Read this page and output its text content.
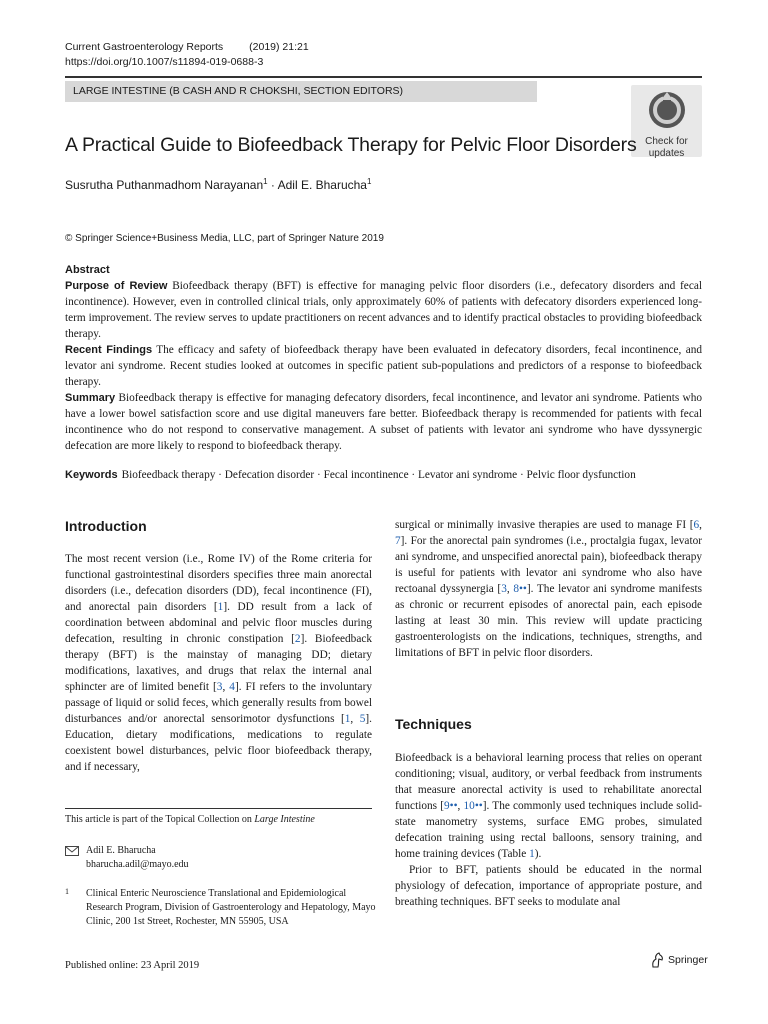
Current Gastroenterology Reports (2019) 21:21
https://doi.org/10.1007/s11894-019-0688-3
LARGE INTESTINE (B CASH AND R CHOKSHI, SECTION EDITORS)
Check for
updates
A Practical Guide to Biofeedback Therapy for Pelvic Floor Disorders
Susrutha Puthanmadhom Narayanan$^1$ · Adil E. Bharucha$^1$
© Springer Science+Business Media, LLC, part of Springer Nature 2019
Abstract

Purpose of Review Biofeedback therapy (BFT) is effective for managing pelvic floor disorders (i.e., defecatory disorders and fecal incontinence). However, even in controlled clinical trials, only approximately 60% of patients with defecatory disorders experienced long-term improvement. The review serves to update practitioners on recent advances and to identify practical obstacles to providing biofeedback therapy.

Recent Findings The efficacy and safety of biofeedback therapy have been evaluated in defecatory disorders, fecal incontinence, and levator ani syndrome. Recent studies looked at outcomes in specific patient sub-populations and predictors of a response to biofeedback therapy.

Summary Biofeedback therapy is effective for managing defecatory disorders, fecal incontinence, and levator ani syndrome. Patients who have a lower bowel satisfaction score and use digital maneuvers fare better. Biofeedback therapy is recommended for patients with fecal incontinence who do not respond to conservative management. A subset of patients with levator ani syndrome who have dyssynergic defecation are more likely to respond to biofeedback therapy.

Keywords Biofeedback therapy · Defecation disorder · Fecal incontinence · Levator ani syndrome · Pelvic floor dysfunction
Introduction

The most recent version (i.e., Rome IV) of the Rome criteria for functional gastrointestinal disorders specifies three main anorectal disorders (i.e., defecation disorders (DD), fecal incontinence (FI), and anorectal pain disorders [1]. DD result from a lack of coordination between abdominal and pelvic floor muscles during defecation, resulting in chronic constipation [2]. Biofeedback therapy (BFT) is the mainstay of managing DD; dietary modifications, laxatives, and drugs that relax the internal anal sphincter are of limited benefit [3, 4]. FI refers to the involuntary passage of liquid or solid feces, which generally results from bowel disturbances and/or anorectal sensorimotor dysfunctions [1, 5]. Education, dietary modifications, medications to regulate coexistent bowel disturbances, pelvic floor biofeedback therapy, and if necessary,

surgical or minimally invasive therapies are used to manage FI [6, 7]. For the anorectal pain syndromes (i.e., proctalgia fugax, levator ani syndrome, and unspecified anorectal pain), biofeedback therapy is useful for patients with levator ani syndrome who also have rectoanal dyssynergia [3, 8••]. The levator ani syndrome manifests as chronic or recurrent episodes of anorectal pain, each episode lasting at least 30 min. This review will update practicing gastroenterologists on the indications, techniques, strengths, and limitations of BFT in pelvic floor disorders.

Techniques

Biofeedback is a behavioral learning process that relies on operant conditioning; visual, auditory, or verbal feedback from instruments that measure anorectal activity is used to rehabilitate anorectal functions [9••, 10••]. The commonly used techniques include solid-state manometry systems, surface EMG probes, simulated defecation training using rectal balloons, sensory training, and home training devices (Table 1).

Prior to BFT, patients should be educated in the normal physiology of defecation, importance of appropriate posture, and breathing techniques. BFT seeks to modulate anal

This article is part of the Topical Collection on Large Intestine
Adil E. Bharucha
bharucha.adil@mayo.edu
1 Clinical Enteric Neuroscience Translational and Epidemiological Research Program, Division of Gastroenterology and Hepatology, Mayo Clinic, 200 1st Street, Rochester, MN 55905, USA
Published online: 23 April 2019	Springer
